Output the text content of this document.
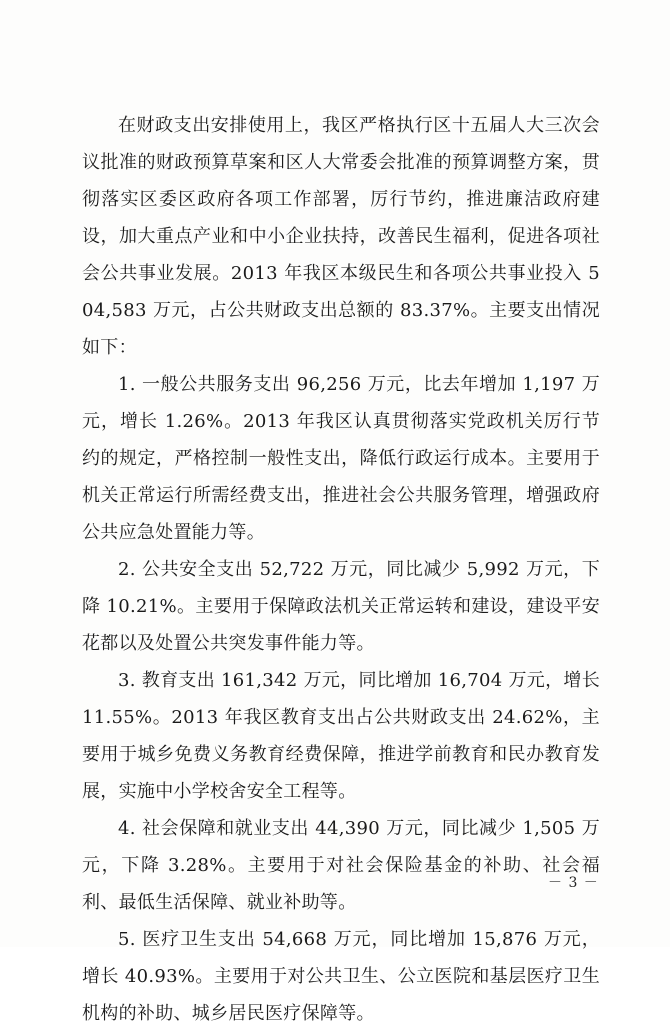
在财政支出安排使用上，我区严格执行区十五届人大三次会议批准的财政预算草案和区人大常委会批准的预算调整方案，贯彻落实区委区政府各项工作部署，厉行节约，推进廉洁政府建设，加大重点产业和中小企业扶持，改善民生福利，促进各项社会公共事业发展。2013 年我区本级民生和各项公共事业投入 504,583 万元，占公共财政支出总额的 83.37%。主要支出情况如下：

1. 一般公共服务支出 96,256 万元，比去年增加 1,197 万元，增长 1.26%。2013 年我区认真贯彻落实党政机关厉行节约的规定，严格控制一般性支出，降低行政运行成本。主要用于机关正常运行所需经费支出，推进社会公共服务管理，增强政府公共应急处置能力等。

2. 公共安全支出 52,722 万元，同比减少 5,992 万元，下降 10.21%。主要用于保障政法机关正常运转和建设，建设平安花都以及处置公共突发事件能力等。

3. 教育支出 161,342 万元，同比增加 16,704 万元，增长 11.55%。2013 年我区教育支出占公共财政支出 24.62%，主要用于城乡免费义务教育经费保障，推进学前教育和民办教育发展，实施中小学校舍安全工程等。

4. 社会保障和就业支出 44,390 万元，同比减少 1,505 万元，下降 3.28%。主要用于对社会保险基金的补助、社会福利、最低生活保障、就业补助等。

5. 医疗卫生支出 54,668 万元，同比增加 15,876 万元，增长 40.93%。主要用于对公共卫生、公立医院和基层医疗卫生机构的补助、城乡居民医疗保障等。

－ 3 －
